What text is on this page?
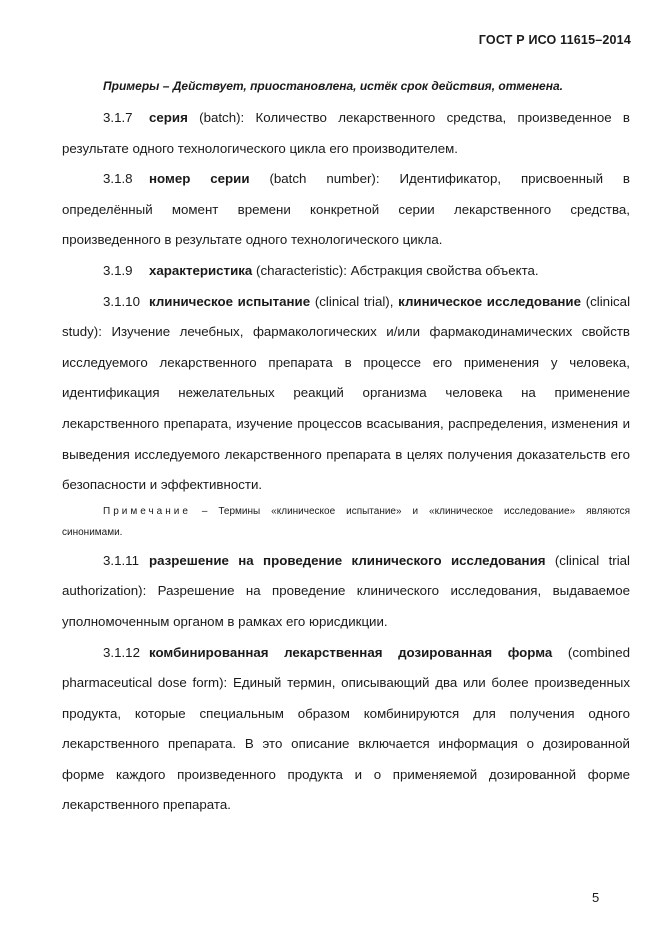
ГОСТ Р ИСО 11615–2014
Примеры – Действует, приостановлена, истёк срок действия, отменена.
3.1.7 серия (batch): Количество лекарственного средства, произведенное в
результате одного технологического цикла его производителем.
3.1.8 номер серии (batch number): Идентификатор, присвоенный в
определённый момент времени конкретной серии лекарственного средства,
произведенного в результате одного технологического цикла.
3.1.9 характеристика (characteristic): Абстракция свойства объекта.
3.1.10 клиническое испытание (clinical trial), клиническое исследование (clinical
study): Изучение лечебных, фармакологических и/или фармакодинамических свойств
исследуемого лекарственного препарата в процессе его применения у человека,
идентификация нежелательных реакций организма человека на применение
лекарственного препарата, изучение процессов всасывания, распределения, изменения и
выведения исследуемого лекарственного препарата в целях получения доказательств его
безопасности и эффективности.
Примечание – Термины «клиническое испытание» и «клиническое исследование» являются
синонимами.
3.1.11 разрешение на проведение клинического исследования (clinical trial
authorization): Разрешение на проведение клинического исследования, выдаваемое
уполномоченным органом в рамках его юрисдикции.
3.1.12 комбинированная лекарственная дозированная форма (combined
pharmaceutical dose form): Единый термин, описывающий два или более произведенных
продукта, которые специальным образом комбинируются для получения одного
лекарственного препарата. В это описание включается информация о дозированной
форме каждого произведенного продукта и о применяемой дозированной форме
лекарственного препарата.
5
